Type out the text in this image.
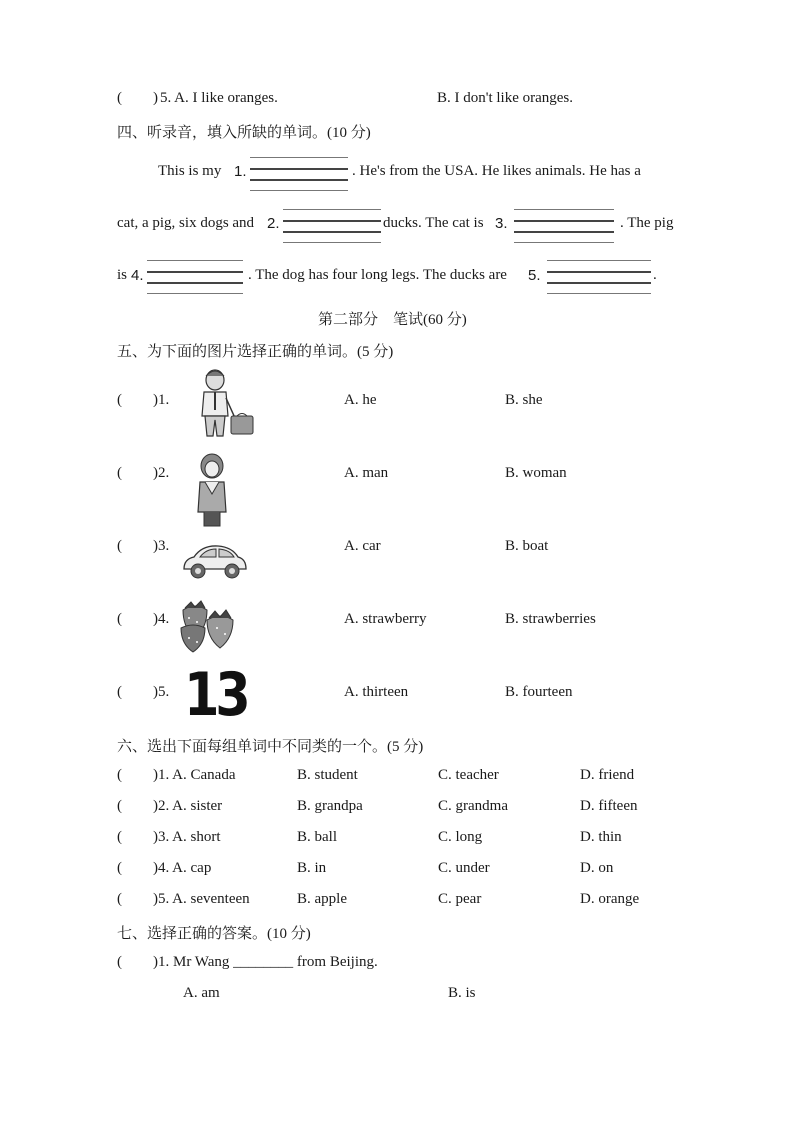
( ) 5. A. I like oranges.	B. I don't like oranges.
四、听录音，填入所缺的单词。(10 分)
This is my 1.	. He's from the USA. He likes animals. He has a
cat, a pig, six dogs and 2.	ducks. The cat is 3.	. The pig
is 4.	. The dog has four long legs. The ducks are 5.	.
第二部分　笔试(60 分)
五、为下面的图片选择正确的单词。(5 分)
( )1.	A. he	B. she
( )2.	A. man	B. woman
( )3.	A. car	B. boat
( )4.	A. strawberry	B. strawberries
( )5. 13	A. thirteen	B. fourteen
六、选出下面每组单词中不同类的一个。(5 分)
( )1. A. Canada	B. student	C. teacher	D. friend
( )2. A. sister	B. grandpa	C. grandma	D. fifteen
( )3. A. short	B. ball	C. long	D. thin
( )4. A. cap	B. in	C. under	D. on
( )5. A. seventeen	B. apple	C. pear	D. orange
七、选择正确的答案。(10 分)
( )1. Mr Wang ________ from Beijing.
A. am	B. is
